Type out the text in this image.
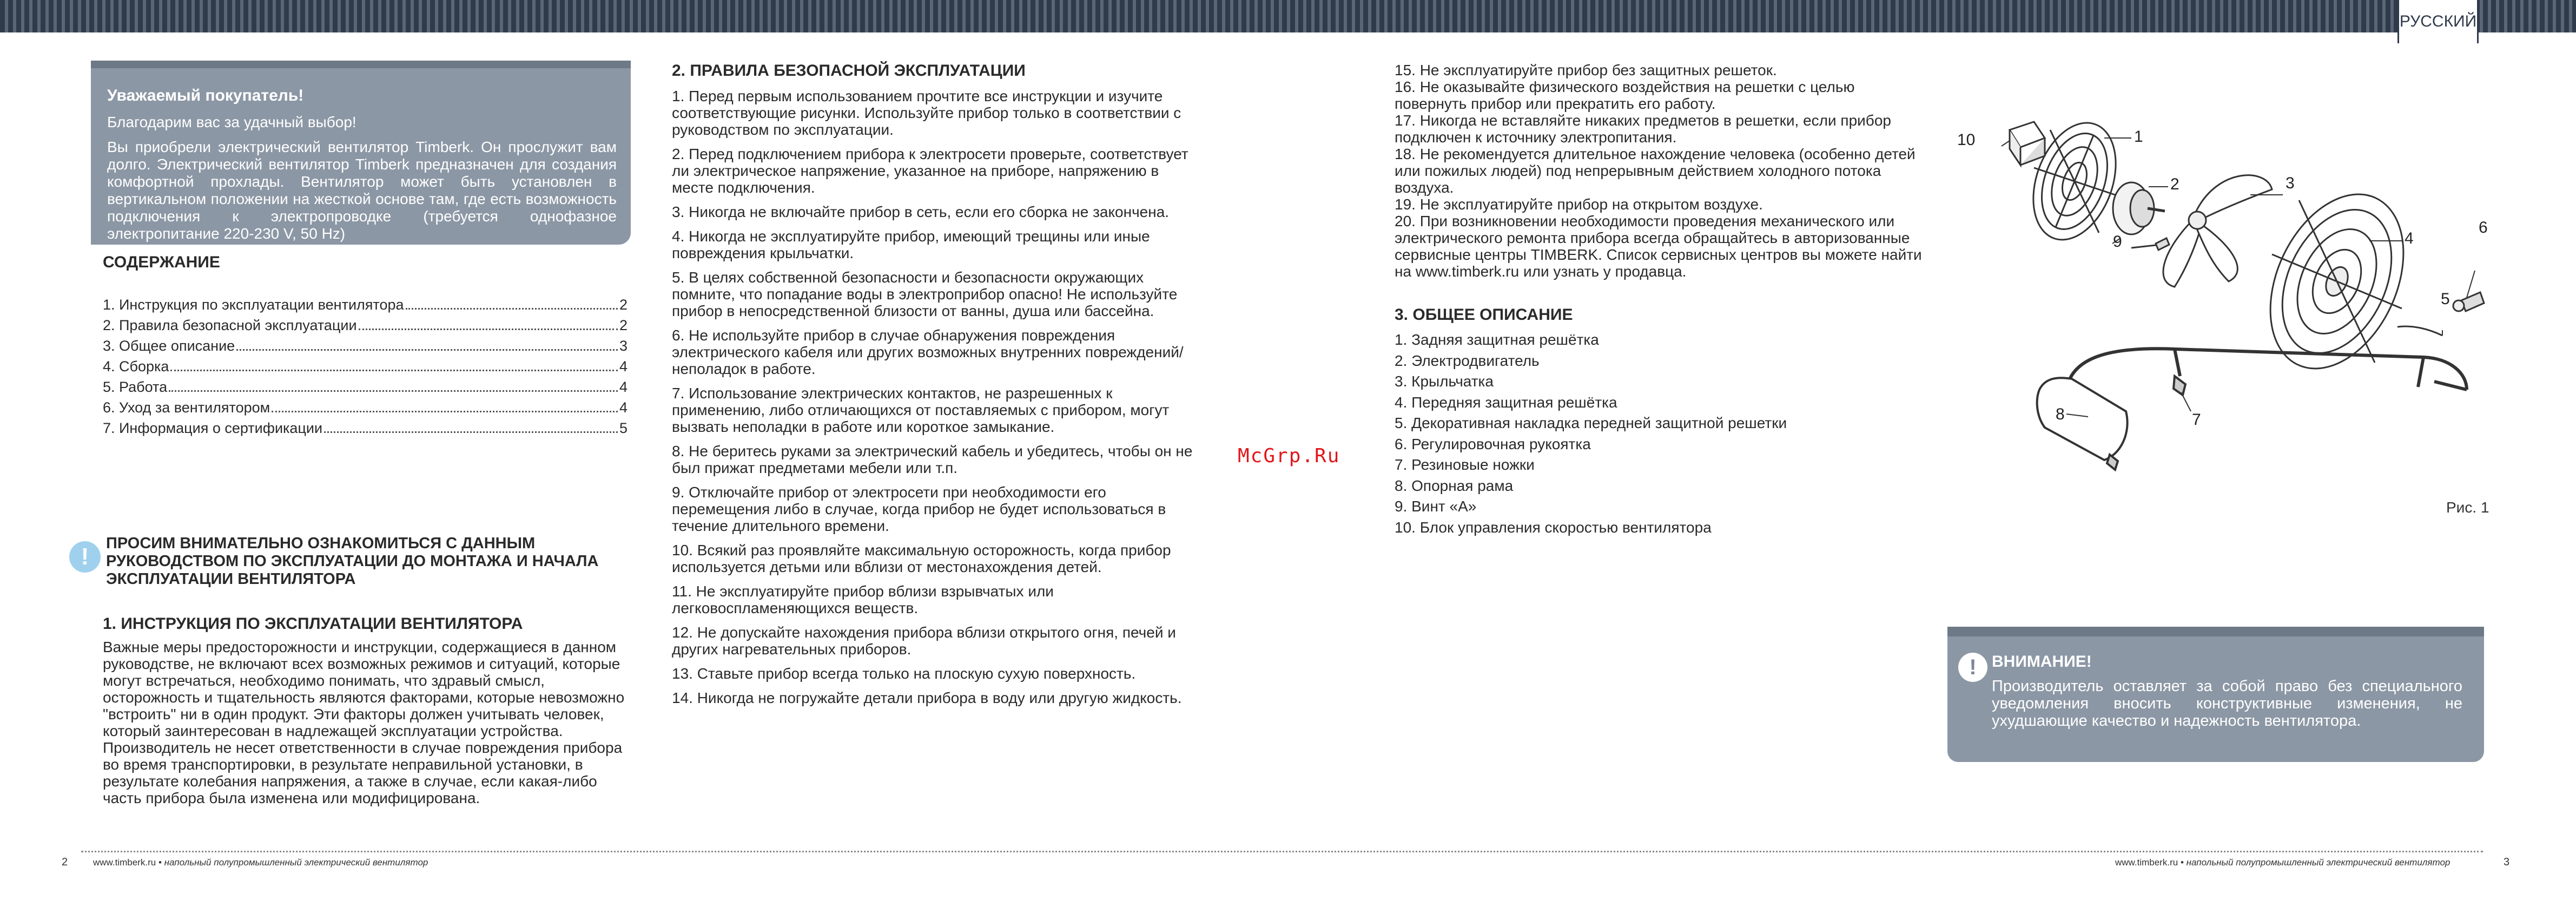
РУССКИЙ
Уважаемый покупатель!

Благодарим вас за удачный выбор!

Вы приобрели электрический вентилятор Timberk. Он прослужит вам долго. Электрический вентилятор Timberk предназначен для создания комфортной прохлады. Вентилятор может быть установлен в вертикальном положении на жесткой основе там, где есть возможность подключения к электропроводке (требуется однофазное электропитание 220-230 V, 50 Hz)

СОДЕРЖАНИЕ
1. Инструкция по эксплуатации вентилятора	2
2. Правила безопасной эксплуатации	2
3. Общее описание	3
4. Сборка	4
5. Работа	4
6. Уход за вентилятором	4
7. Информация о сертификации	5
!	ПРОСИМ ВНИМАТЕЛЬНО ОЗНАКОМИТЬСЯ С ДАННЫМ РУКОВОДСТВОМ ПО ЭКСПЛУАТАЦИИ ДО МОНТАЖА И НАЧАЛА ЭКСПЛУАТАЦИИ ВЕНТИЛЯТОРА
1. ИНСТРУКЦИЯ ПО ЭКСПЛУАТАЦИИ ВЕНТИЛЯТОРА

Важные меры предосторожности и инструкции, содержащиеся в данном руководстве, не включают всех возможных режимов и ситуаций, которые могут встречаться, необходимо понимать, что здравый смысл, осторожность и тщательность являются факторами, которые невозможно "встроить" ни в один продукт. Эти факторы должен учитывать человек, который заинтересован в надлежащей эксплуатации устройства. Производитель не несет ответственности в случае повреждения прибора во время транспортировки, в результате неправильной установки, в результате колебания напряжения, а также в случае, если какая-либо часть прибора была изменена или модифицирована.

2. ПРАВИЛА БЕЗОПАСНОЙ ЭКСПЛУАТАЦИИ

1. Перед первым использованием прочтите все инструкции и изучите соответствующие рисунки. Используйте прибор только в соответствии с руководством по эксплуатации.

2. Перед подключением прибора к электросети проверьте, соответствует ли электрическое напряжение, указанное на приборе, напряжению в месте подключения.

3. Никогда не включайте прибор в сеть, если его сборка не закончена.

4. Никогда не эксплуатируйте прибор, имеющий трещины или иные повреждения крыльчатки.

5. В целях собственной безопасности и безопасности окружающих помните, что попадание воды в электроприбор опасно! Не используйте прибор в непосредственной близости от ванны, душа или бассейна.

6. Не используйте прибор в случае обнаружения повреждения электрического кабеля или других возможных внутренних повреждений/неполадок в работе.

7. Использование электрических контактов, не разрешенных к применению, либо отличающихся от поставляемых с прибором, могут вызвать неполадки в работе или короткое замыкание.

8. Не беритесь руками за электрический кабель и убедитесь, чтобы он не был прижат предметами мебели или т.п.

9. Отключайте прибор от электросети при необходимости его перемещения либо в случае, когда прибор не будет использоваться в течение длительного времени.

10. Всякий раз проявляйте максимальную осторожность, когда прибор используется детьми или вблизи от местонахождения детей.

11. Не эксплуатируйте прибор вблизи взрывчатых или легковоспламеняющихся веществ.

12. Не допускайте нахождения прибора вблизи открытого огня, печей и других нагревательных приборов.

13. Ставьте прибор всегда только на плоскую сухую поверхность.

14. Никогда не погружайте детали прибора в воду или другую жидкость.

15. Не эксплуатируйте прибор без защитных решеток.

16. Не оказывайте физического воздействия на решетки с целью повернуть прибор или прекратить его работу.

17. Никогда не вставляйте никаких предметов в решетки, если прибор подключен к источнику электропитания.

18. Не рекомендуется длительное нахождение человека (особенно детей или пожилых людей) под непрерывным действием холодного потока воздуха.

19. Не эксплуатируйте прибор на открытом воздухе.

20. При возникновении необходимости проведения механического или электрического ремонта прибора всегда обращайтесь в авторизованные сервисные центры TIMBERK. Список сервисных центров вы можете найти на www.timberk.ru или узнать у продавца.

3. ОБЩЕЕ ОПИСАНИЕ
1. Задняя защитная решётка
2. Электродвигатель
3. Крыльчатка
4. Передняя защитная решётка
5. Декоративная накладка передней защитной решетки
6. Регулировочная рукоятка
7. Резиновые ножки
8. Опорная рама
9. Винт «А»
10. Блок управления скоростью вентилятора
1
2	3
4
5
6
7
8
9
10
Рис. 1
! ВНИМАНИЕ!

Производитель оставляет за собой право без специального уведомления вносить конструктивные изменения, не ухудшающие качество и надежность вентилятора.

McGrp.Ru
2	www.timberk.ru • напольный полупромышленный электрический вентилятор	www.timberk.ru • напольный полупромышленный электрический вентилятор	3
